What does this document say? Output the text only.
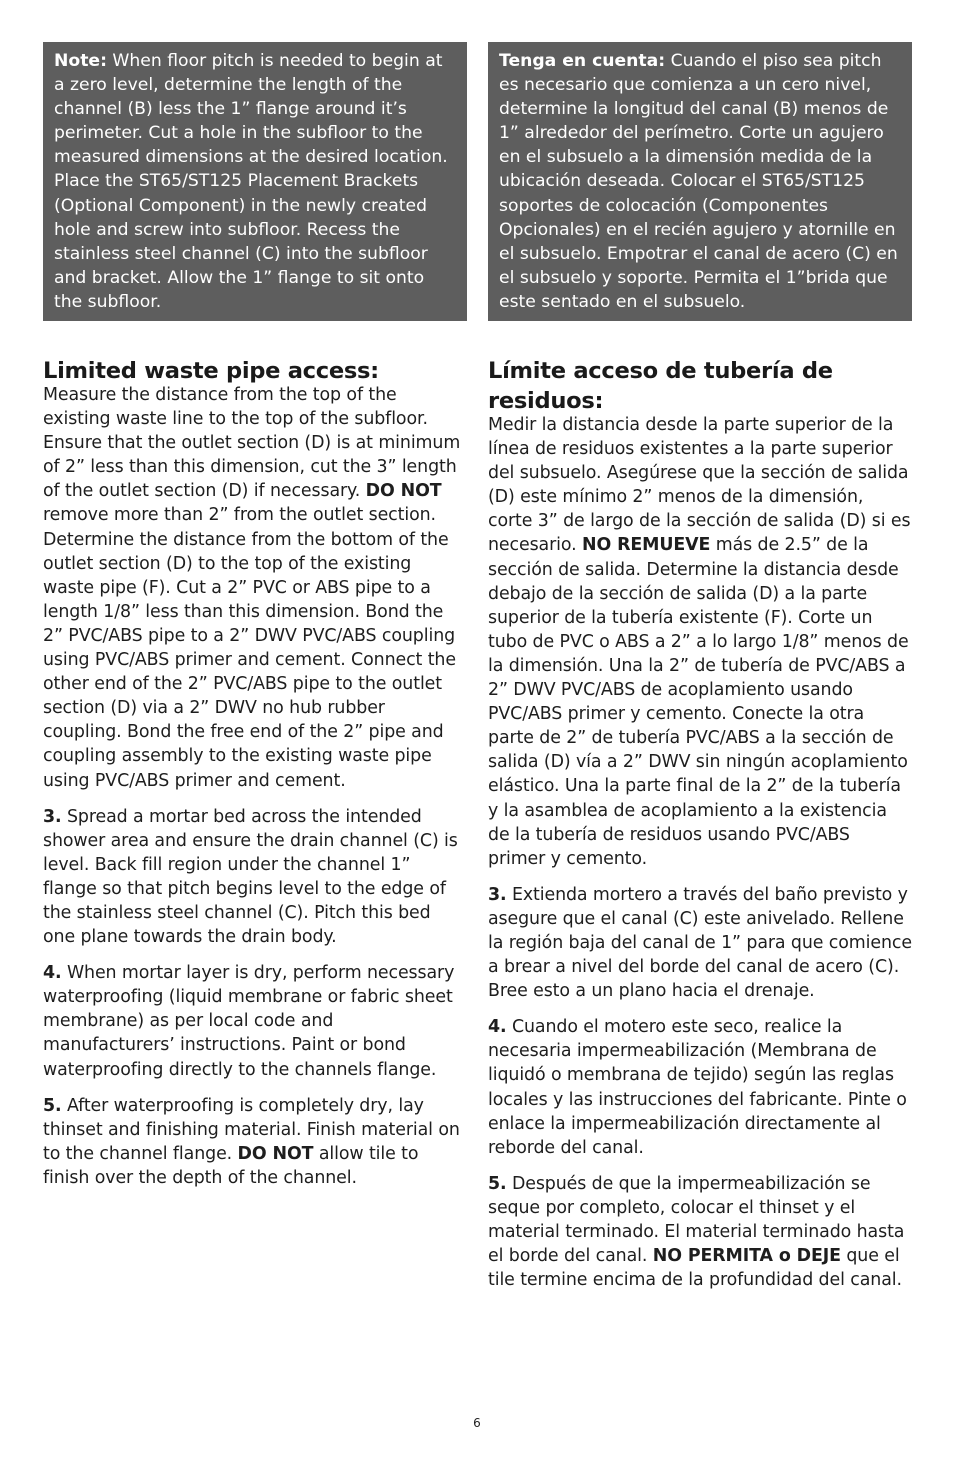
Note: When floor pitch is needed to begin at a zero level, determine the length of the channel (B) less the 1” flange around it’s perimeter. Cut a hole in the subfloor to the measured dimensions at the desired location. Place the ST65/ST125 Placement Brackets (Optional Component) in the newly created hole and screw into subfloor. Recess the stainless steel channel (C) into the subfloor and bracket. Allow the 1” flange to sit onto the subfloor.
Limited waste pipe access:

Measure the distance from the top of the existing waste line to the top of the subfloor. Ensure that the outlet section (D) is at minimum of 2” less than this dimension, cut the 3” length of the outlet section (D) if necessary. DO NOT remove more than 2” from the outlet section. Determine the distance from the bottom of the outlet section (D) to the top of the existing waste pipe (F). Cut a 2” PVC or ABS pipe to a length 1/8” less than this dimension. Bond the 2” PVC/ABS pipe to a 2” DWV PVC/ABS coupling using PVC/ABS primer and cement. Connect the other end of the 2” PVC/ABS pipe to the outlet section (D) via a 2” DWV no hub rubber coupling. Bond the free end of the 2” pipe and coupling assembly to the existing waste pipe using PVC/ABS primer and cement.

3. Spread a mortar bed across the intended shower area and ensure the drain channel (C) is level. Back fill region under the channel 1” flange so that pitch begins level to the edge of the stainless steel channel (C). Pitch this bed one plane towards the drain body.

4. When mortar layer is dry, perform necessary waterproofing (liquid membrane or fabric sheet membrane) as per local code and manufacturers’ instructions. Paint or bond waterproofing directly to the channels flange.

5. After waterproofing is completely dry, lay thinset and finishing material. Finish material on to the channel flange. DO NOT allow tile to finish over the depth of the channel.

Tenga en cuenta: Cuando el piso sea pitch es necesario que comienza a un cero nivel, determine la longitud del canal (B) menos de 1” alrededor del perímetro. Corte un agujero en el subsuelo a la dimensión medida de la ubicación deseada. Colocar el ST65/ST125 soportes de colocación (Componentes Opcionales) en el recién agujero y atornille en el subsuelo. Empotrar el canal de acero (C) en el subsuelo y soporte. Permita el 1”brida que este sentado en el subsuelo.
Límite acceso de tubería de residuos:

Medir la distancia desde la parte superior de la línea de residuos existentes a la parte superior del subsuelo. Asegúrese que la sección de salida (D) este mínimo 2” menos de la dimensión, corte 3” de largo de la sección de salida (D) si es necesario. NO REMUEVE más de 2.5” de la sección de salida. Determine la distancia desde debajo de la sección de salida (D) a la parte superior de la tubería existente (F). Corte un tubo de PVC o ABS a 2” a lo largo 1/8” menos de la dimensión. Una la 2” de tubería de PVC/ABS a 2” DWV PVC/ABS de acoplamiento usando PVC/ABS primer y cemento. Conecte la otra parte de 2” de tubería PVC/ABS a la sección de salida (D) vía a 2” DWV sin ningún acoplamiento elástico. Una la parte final de la 2” de la tubería y la asamblea de acoplamiento a la existencia de la tubería de residuos usando PVC/ABS primer y cemento.

3. Extienda mortero a través del baño previsto y asegure que el canal (C) este anivelado. Rellene la región baja del canal de 1” para que comience a brear a nivel del borde del canal de acero (C). Bree esto a un plano hacia el drenaje.

4. Cuando el motero este seco, realice la necesaria impermeabilización (Membrana de liquidó o membrana de tejido) según las reglas locales y las instrucciones del fabricante. Pinte o enlace la impermeabilización directamente al reborde del canal.

5. Después de que la impermeabilización se seque por completo, colocar el thinset y el material terminado. El material terminado hasta el borde del canal. NO PERMITA o DEJE que el tile termine encima de la profundidad del canal.

6
